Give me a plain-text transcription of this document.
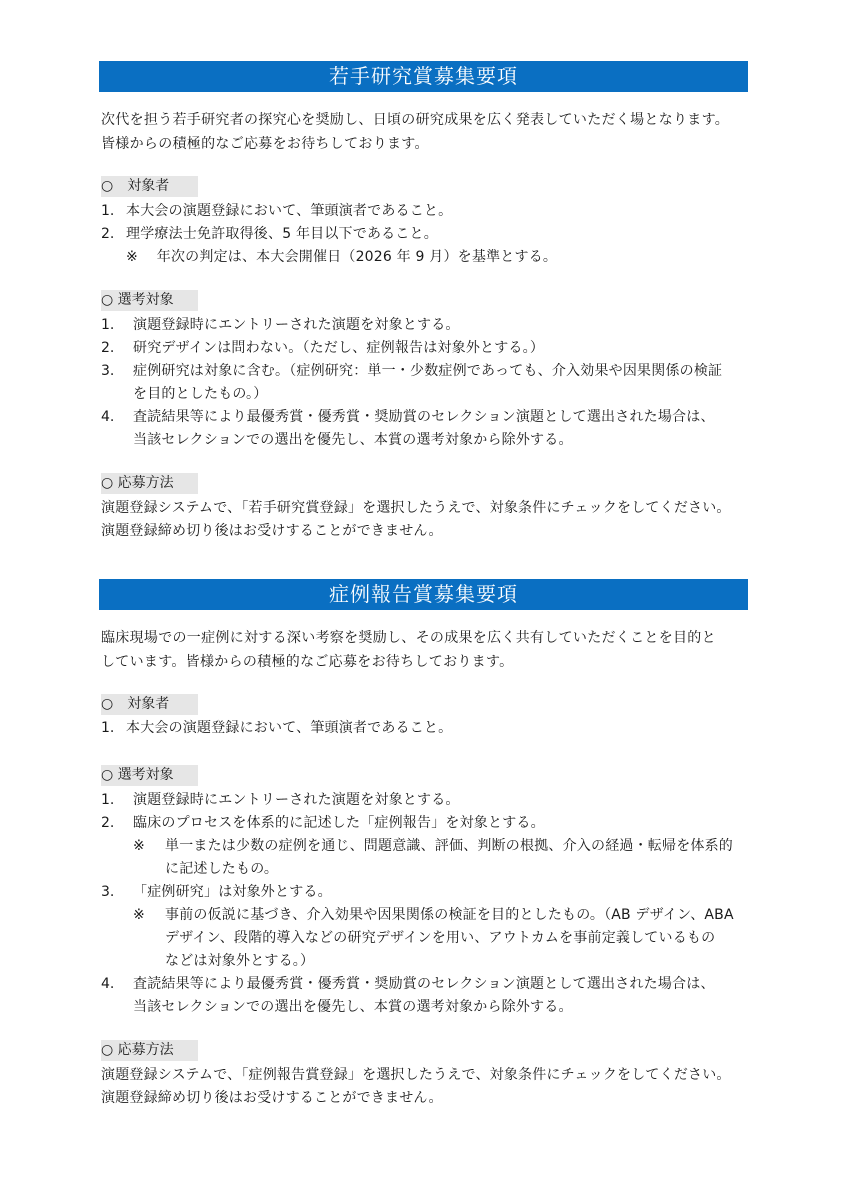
若手研究賞募集要項
次代を担う若手研究者の探究心を奨励し、日頃の研究成果を広く発表していただく場となります。
皆様からの積極的なご応募をお待ちしております。
○　対象者
1. 本大会の演題登録において、筆頭演者であること。
2. 理学療法士免許取得後、5 年目以下であること。
※　 年次の判定は、本大会開催日（2026 年 9 月）を基準とする。
○ 選考対象
1. 演題登録時にエントリーされた演題を対象とする。
2. 研究デザインは問わない。（ただし、症例報告は対象外とする。）
3. 症例研究は対象に含む。（症例研究：単一・少数症例であっても、介入効果や因果関係の検証
を目的としたもの。）
4. 査読結果等により最優秀賞・優秀賞・奨励賞のセレクション演題として選出された場合は、
当該セレクションでの選出を優先し、本賞の選考対象から除外する。
○ 応募方法
演題登録システムで、「若手研究賞登録」を選択したうえで、対象条件にチェックをしてください。
演題登録締め切り後はお受けすることができません。
症例報告賞募集要項
臨床現場での一症例に対する深い考察を奨励し、その成果を広く共有していただくことを目的と
しています。皆様からの積極的なご応募をお待ちしております。
○　対象者
1. 本大会の演題登録において、筆頭演者であること。
○ 選考対象
1. 演題登録時にエントリーされた演題を対象とする。
2. 臨床のプロセスを体系的に記述した「症例報告」を対象とする。
※ 単一または少数の症例を通じ、問題意識、評価、判断の根拠、介入の経過・転帰を体系的
に記述したもの。
3. 「症例研究」は対象外とする。
※ 事前の仮説に基づき、介入効果や因果関係の検証を目的としたもの。（AB デザイン、ABA
デザイン、段階的導入などの研究デザインを用い、アウトカムを事前定義しているもの
などは対象外とする。）
4. 査読結果等により最優秀賞・優秀賞・奨励賞のセレクション演題として選出された場合は、
当該セレクションでの選出を優先し、本賞の選考対象から除外する。
○ 応募方法
演題登録システムで、「症例報告賞登録」を選択したうえで、対象条件にチェックをしてください。
演題登録締め切り後はお受けすることができません。
